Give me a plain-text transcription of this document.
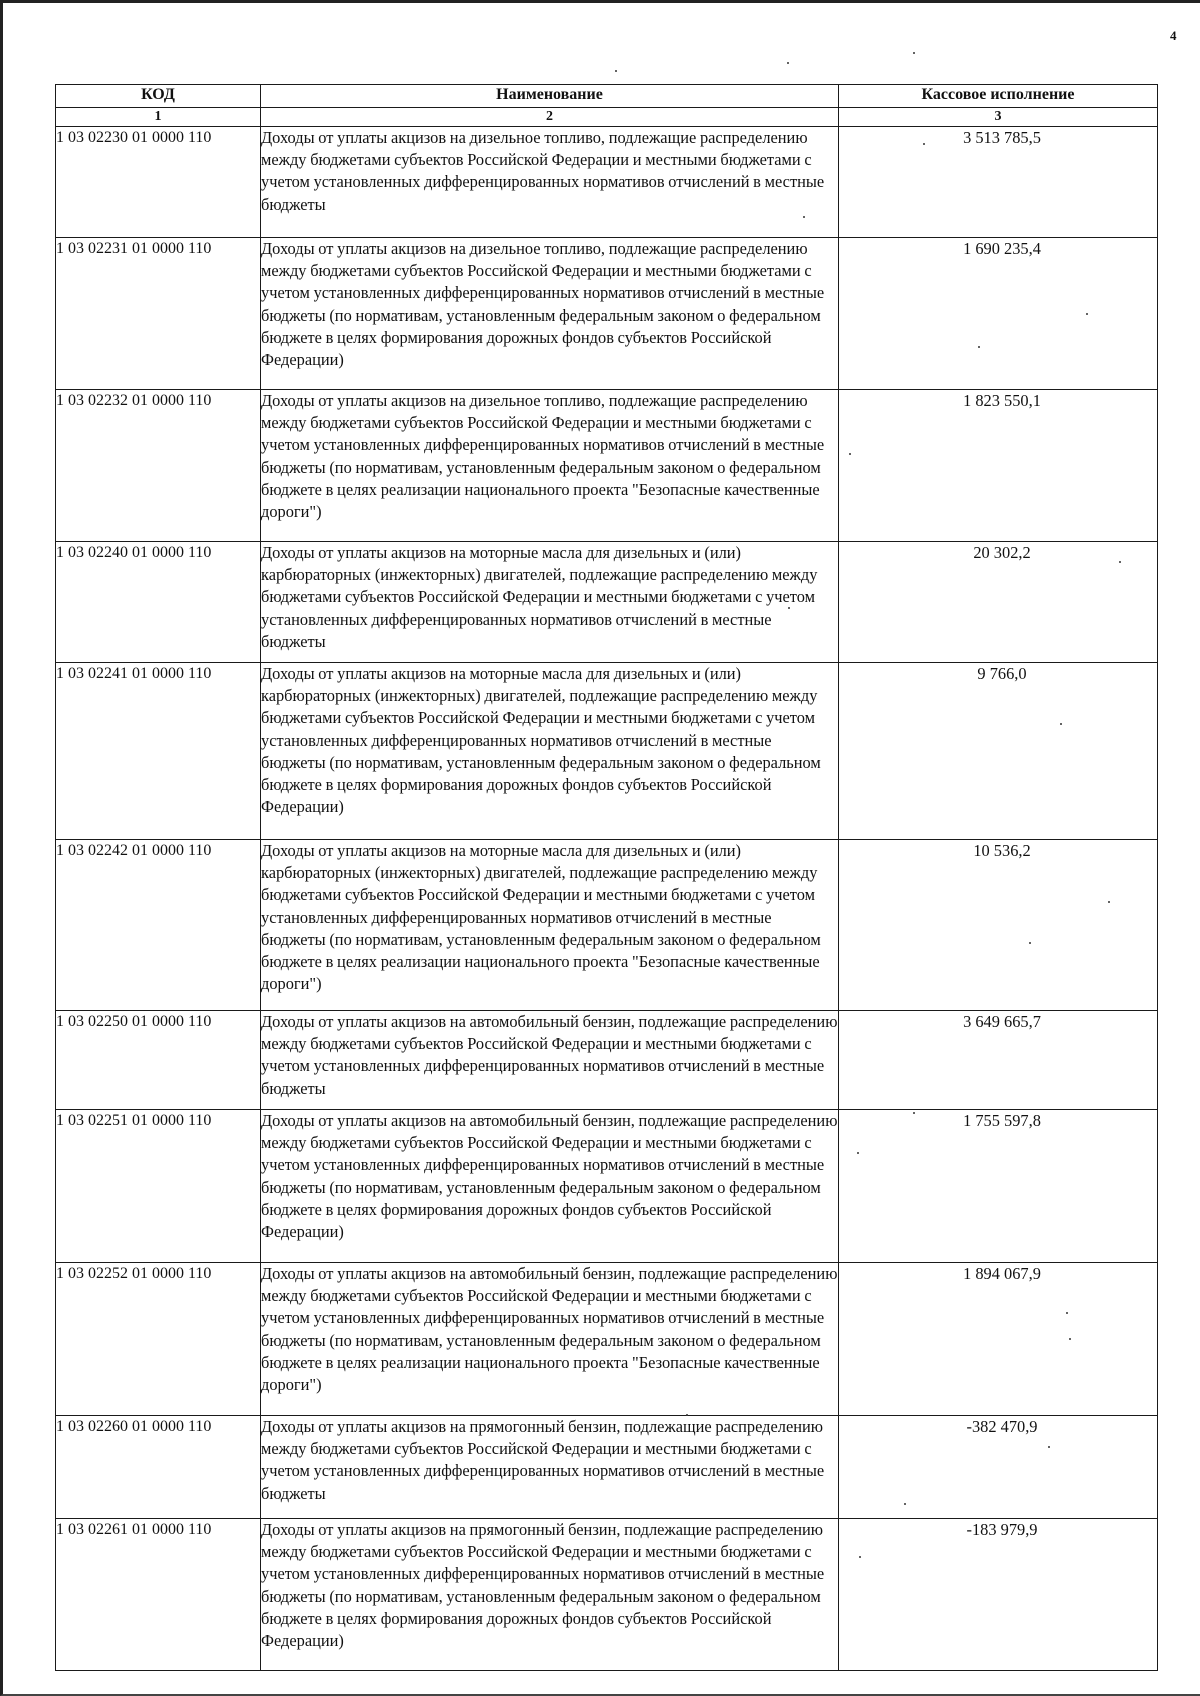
4
КОД	Наименование	Кассовое исполнение
1	2	3
1 03 02230 01 0000 110	Доходы от уплаты акцизов на дизельное топливо, подлежащие распределению между бюджетами субъектов Российской Федерации и местными бюджетами с учетом установленных дифференцированных нормативов отчислений в местные бюджеты	3 513 785,5
1 03 02231 01 0000 110	Доходы от уплаты акцизов на дизельное топливо, подлежащие распределению между бюджетами субъектов Российской Федерации и местными бюджетами с учетом установленных дифференцированных нормативов отчислений в местные бюджеты (по нормативам, установленным федеральным законом о федеральном бюджете в целях формирования дорожных фондов субъектов Российской Федерации)	1 690 235,4
1 03 02232 01 0000 110	Доходы от уплаты акцизов на дизельное топливо, подлежащие распределению между бюджетами субъектов Российской Федерации и местными бюджетами с учетом установленных дифференцированных нормативов отчислений в местные бюджеты (по нормативам, установленным федеральным законом о федеральном бюджете в целях реализации национального проекта "Безопасные качественные дороги")	1 823 550,1
1 03 02240 01 0000 110	Доходы от уплаты акцизов на моторные масла для дизельных и (или) карбюраторных (инжекторных) двигателей, подлежащие распределению между бюджетами субъектов Российской Федерации и местными бюджетами с учетом установленных дифференцированных нормативов отчислений в местные бюджеты	20 302,2
1 03 02241 01 0000 110	Доходы от уплаты акцизов на моторные масла для дизельных и (или) карбюраторных (инжекторных) двигателей, подлежащие распределению между бюджетами субъектов Российской Федерации и местными бюджетами с учетом установленных дифференцированных нормативов отчислений в местные бюджеты (по нормативам, установленным федеральным законом о федеральном бюджете в целях формирования дорожных фондов субъектов Российской Федерации)	9 766,0
1 03 02242 01 0000 110	Доходы от уплаты акцизов на моторные масла для дизельных и (или) карбюраторных (инжекторных) двигателей, подлежащие распределению между бюджетами субъектов Российской Федерации и местными бюджетами с учетом установленных дифференцированных нормативов отчислений в местные бюджеты (по нормативам, установленным федеральным законом о федеральном бюджете в целях реализации национального проекта "Безопасные качественные дороги")	10 536,2
1 03 02250 01 0000 110	Доходы от уплаты акцизов на автомобильный бензин, подлежащие распределению между бюджетами субъектов Российской Федерации и местными бюджетами с учетом установленных дифференцированных нормативов отчислений в местные бюджеты	3 649 665,7
1 03 02251 01 0000 110	Доходы от уплаты акцизов на автомобильный бензин, подлежащие распределению между бюджетами субъектов Российской Федерации и местными бюджетами с учетом установленных дифференцированных нормативов отчислений в местные бюджеты (по нормативам, установленным федеральным законом о федеральном бюджете в целях формирования дорожных фондов субъектов Российской Федерации)	1 755 597,8
1 03 02252 01 0000 110	Доходы от уплаты акцизов на автомобильный бензин, подлежащие распределению между бюджетами субъектов Российской Федерации и местными бюджетами с учетом установленных дифференцированных нормативов отчислений в местные бюджеты (по нормативам, установленным федеральным законом о федеральном бюджете в целях реализации национального проекта "Безопасные качественные дороги")	1 894 067,9
1 03 02260 01 0000 110	Доходы от уплаты акцизов на прямогонный бензин, подлежащие распределению между бюджетами субъектов Российской Федерации и местными бюджетами с учетом установленных дифференцированных нормативов отчислений в местные бюджеты	-382 470,9
1 03 02261 01 0000 110	Доходы от уплаты акцизов на прямогонный бензин, подлежащие распределению между бюджетами субъектов Российской Федерации и местными бюджетами с учетом установленных дифференцированных нормативов отчислений в местные бюджеты (по нормативам, установленным федеральным законом о федеральном бюджете в целях формирования дорожных фондов субъектов Российской Федерации)	-183 979,9
